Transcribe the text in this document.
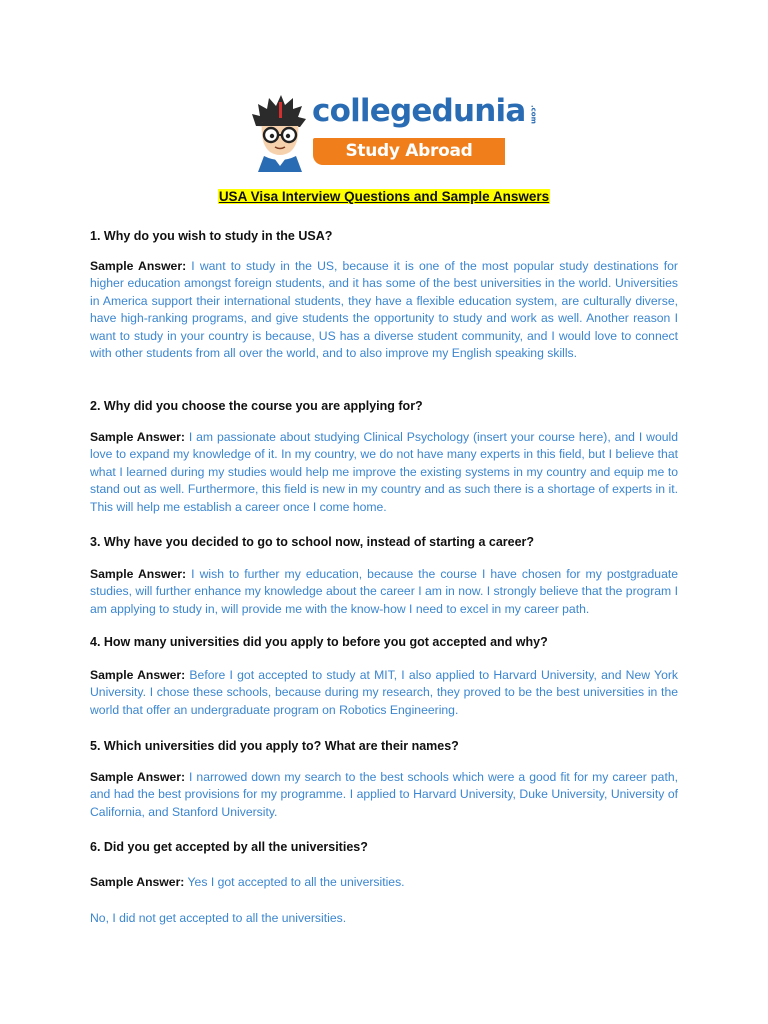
collegedunia .com
Study Abroad
USA Visa Interview Questions and Sample Answers
1. Why do you wish to study in the USA?
Sample Answer: I want to study in the US, because it is one of the most popular study destinations for higher education amongst foreign students, and it has some of the best universities in the world. Universities in America support their international students, they have a flexible education system, are culturally diverse, have high-ranking programs, and give students the opportunity to study and work as well. Another reason I want to study in your country is because, US has a diverse student community, and I would love to connect with other students from all over the world, and to also improve my English speaking skills.
2. Why did you choose the course you are applying for?
Sample Answer: I am passionate about studying Clinical Psychology (insert your course here), and I would love to expand my knowledge of it. In my country, we do not have many experts in this field, but I believe that what I learned during my studies would help me improve the existing systems in my country and equip me to stand out as well. Furthermore, this field is new in my country and as such there is a shortage of experts in it. This will help me establish a career once I come home.
3. Why have you decided to go to school now, instead of starting a career?
Sample Answer: I wish to further my education, because the course I have chosen for my postgraduate studies, will further enhance my knowledge about the career I am in now. I strongly believe that the program I am applying to study in, will provide me with the know-how I need to excel in my career path.
4. How many universities did you apply to before you got accepted and why?
Sample Answer: Before I got accepted to study at MIT, I also applied to Harvard University, and New York University. I chose these schools, because during my research, they proved to be the best universities in the world that offer an undergraduate program on Robotics Engineering.
5. Which universities did you apply to? What are their names?
Sample Answer: I narrowed down my search to the best schools which were a good fit for my career path, and had the best provisions for my programme. I applied to Harvard University, Duke University, University of California, and Stanford University.
6. Did you get accepted by all the universities?
Sample Answer: Yes I got accepted to all the universities.
No, I did not get accepted to all the universities.
